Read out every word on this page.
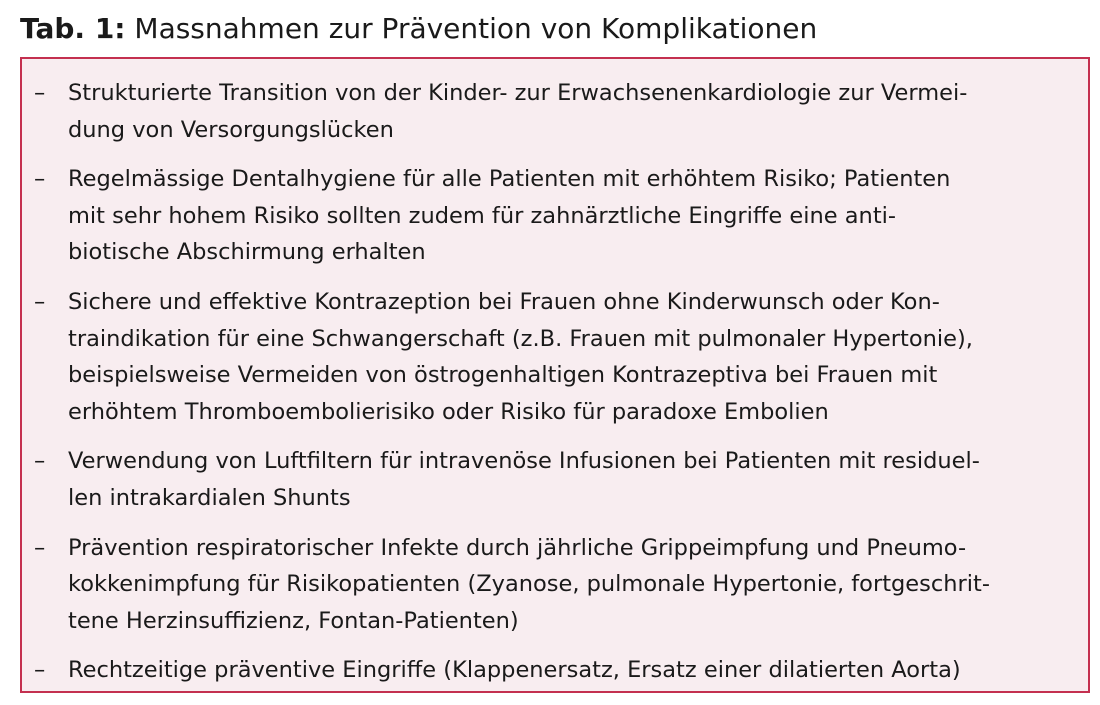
Tab. 1: Massnahmen zur Prävention von Komplikationen
– Strukturierte Transition von der Kinder- zur Erwachsenenkardiologie zur Vermei-
dung von Versorgungslücken
– Regelmässige Dentalhygiene für alle Patienten mit erhöhtem Risiko; Patienten
mit sehr hohem Risiko sollten zudem für zahnärztliche Eingriffe eine anti-
biotische Abschirmung erhalten
– Sichere und effektive Kontrazeption bei Frauen ohne Kinderwunsch oder Kon-
traindikation für eine Schwangerschaft (z.B. Frauen mit pulmonaler Hypertonie),
beispielsweise Vermeiden von östrogenhaltigen Kontrazeptiva bei Frauen mit
erhöhtem Thromboembolierisiko oder Risiko für paradoxe Embolien
– Verwendung von Luftfiltern für intravenöse Infusionen bei Patienten mit residuel-
len intrakardialen Shunts
– Prävention respiratorischer Infekte durch jährliche Grippeimpfung und Pneumo-
kokkenimpfung für Risikopatienten (Zyanose, pulmonale Hypertonie, fortgeschrit-
tene Herzinsuffizienz, Fontan-Patienten)
– Rechtzeitige präventive Eingriffe (Klappenersatz, Ersatz einer dilatierten Aorta)
